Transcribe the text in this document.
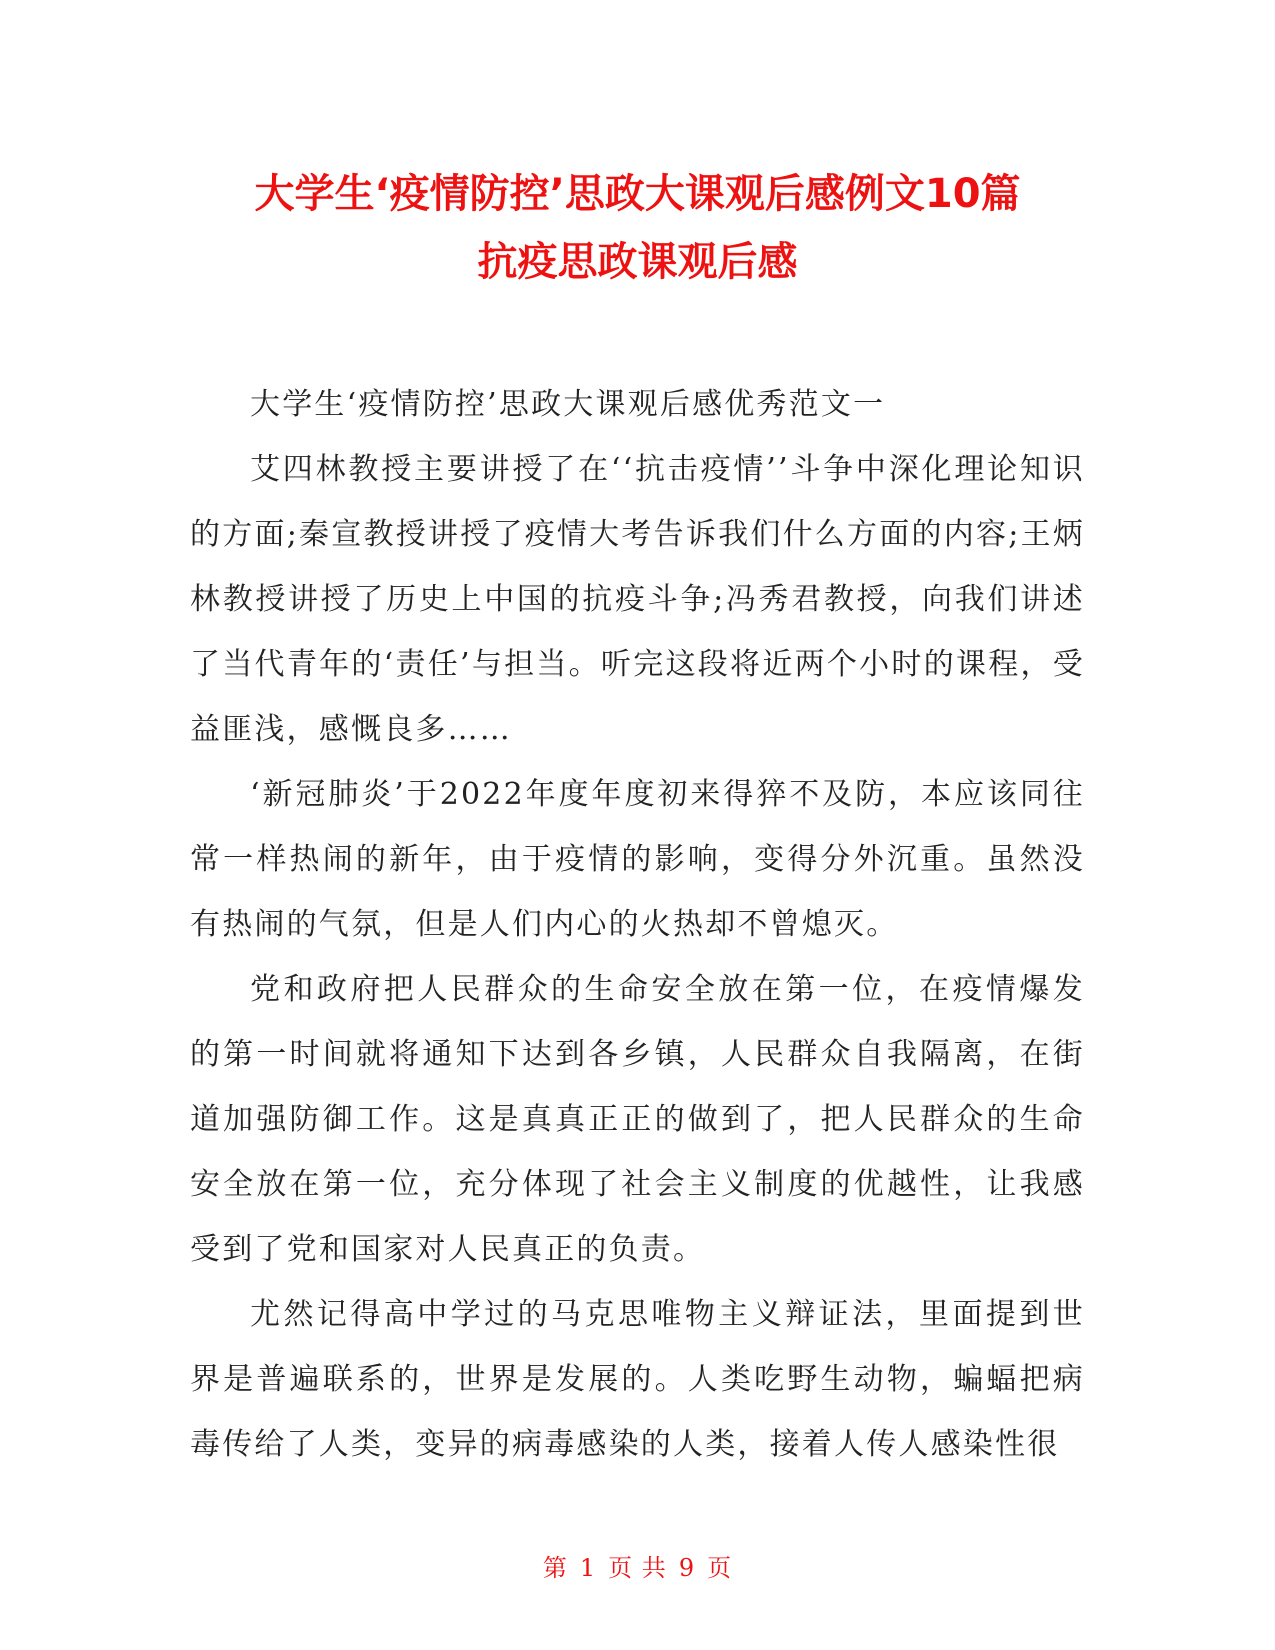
大学生‘疫情防控’思政大课观后感例文10篇
抗疫思政课观后感

大学生‘疫情防控’思政大课观后感优秀范文一

艾四林教授主要讲授了在‘‘抗击疫情’’斗争中深化理论知识的方面;秦宣教授讲授了疫情大考告诉我们什么方面的内容;王炳林教授讲授了历史上中国的抗疫斗争;冯秀君教授，向我们讲述了当代青年的‘责任’与担当。听完这段将近两个小时的课程，受益匪浅，感慨良多……

‘新冠肺炎’于2022年度年度初来得猝不及防，本应该同往常一样热闹的新年，由于疫情的影响，变得分外沉重。虽然没有热闹的气氛，但是人们内心的火热却不曾熄灭。

党和政府把人民群众的生命安全放在第一位，在疫情爆发的第一时间就将通知下达到各乡镇，人民群众自我隔离，在街道加强防御工作。这是真真正正的做到了，把人民群众的生命安全放在第一位，充分体现了社会主义制度的优越性，让我感受到了党和国家对人民真正的负责。

尤然记得高中学过的马克思唯物主义辩证法，里面提到世界是普遍联系的，世界是发展的。人类吃野生动物，蝙蝠把病毒传给了人类，变异的病毒感染的人类，接着人传人感染性很

第 1 页 共 9 页
